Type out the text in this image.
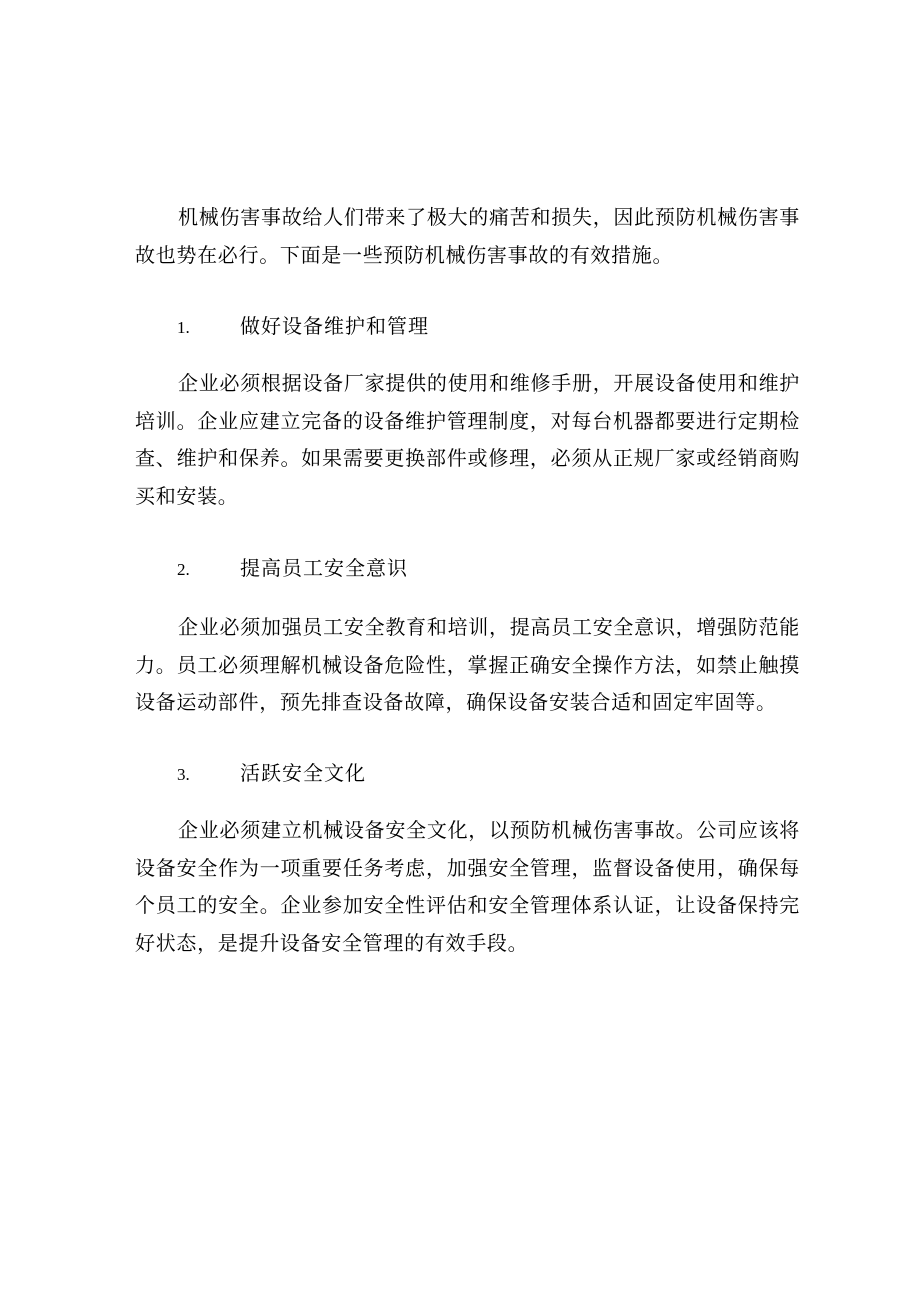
机械伤害事故给人们带来了极大的痛苦和损失，因此预防机械伤害事故也势在必行。下面是一些预防机械伤害事故的有效措施。

1.	做好设备维护和管理

企业必须根据设备厂家提供的使用和维修手册，开展设备使用和维护培训。企业应建立完备的设备维护管理制度，对每台机器都要进行定期检查、维护和保养。如果需要更换部件或修理，必须从正规厂家或经销商购买和安装。

2.	提高员工安全意识

企业必须加强员工安全教育和培训，提高员工安全意识，增强防范能力。员工必须理解机械设备危险性，掌握正确安全操作方法，如禁止触摸设备运动部件，预先排查设备故障，确保设备安装合适和固定牢固等。

3.	活跃安全文化

企业必须建立机械设备安全文化，以预防机械伤害事故。公司应该将设备安全作为一项重要任务考虑，加强安全管理，监督设备使用，确保每个员工的安全。企业参加安全性评估和安全管理体系认证，让设备保持完好状态，是提升设备安全管理的有效手段。
